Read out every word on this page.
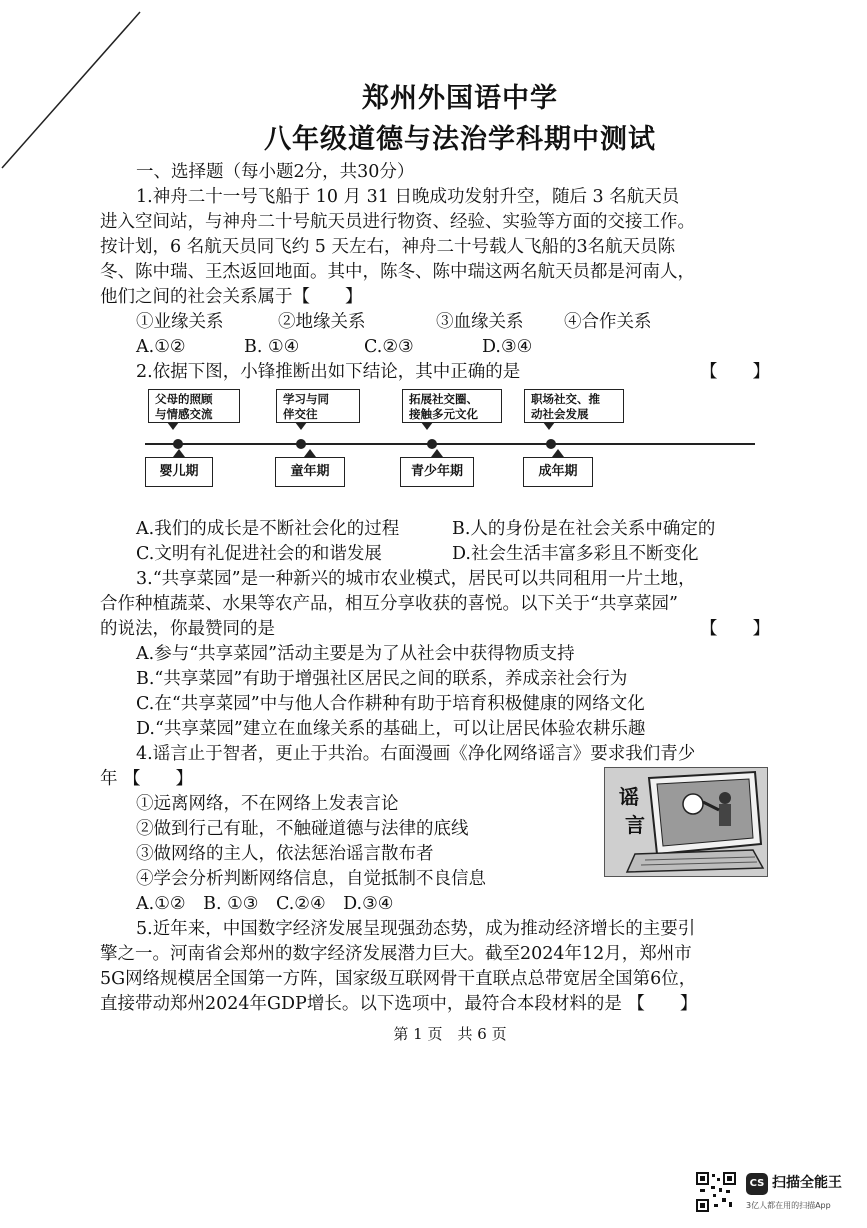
郑州外国语中学
八年级道德与法治学科期中测试
一、选择题（每小题2分，共30分）
1.神舟二十一号飞船于 10 月 31 日晚成功发射升空，随后 3 名航天员
进入空间站，与神舟二十号航天员进行物资、经验、实验等方面的交接工作。
按计划，6 名航天员同飞约 5 天左右，神舟二十号载人飞船的3名航天员陈
冬、陈中瑞、王杰返回地面。其中，陈冬、陈中瑞这两名航天员都是河南人，
他们之间的社会关系属于【　　】
①业缘关系	②地缘关系	③血缘关系 ④合作关系
A.①②	B. ①④	C.②③	D.③④
2.依据下图，小锋推断出如下结论，其中正确的是	【　　】
父母的照顾
与情感交流
学习与同
伴交往
拓展社交圈、
接触多元文化
职场社交、推
动社会发展
婴儿期	童年期	青少年期	成年期
A.我们的成长是不断社会化的过程	B.人的身份是在社会关系中确定的
C.文明有礼促进社会的和谐发展	D.社会生活丰富多彩且不断变化
3.“共享菜园”是一种新兴的城市农业模式，居民可以共同租用一片土地，
合作种植蔬菜、水果等农产品，相互分享收获的喜悦。以下关于“共享菜园”
的说法，你最赞同的是	【　　】
A.参与“共享菜园”活动主要是为了从社会中获得物质支持
B.“共享菜园”有助于增强社区居民之间的联系，养成亲社会行为
C.在“共享菜园”中与他人合作耕种有助于培育积极健康的网络文化
D.“共享菜园”建立在血缘关系的基础上，可以让居民体验农耕乐趣
4.谣言止于智者，更止于共治。右面漫画《净化网络谣言》要求我们青少
年 【　　】
①远离网络，不在网络上发表言论
②做到行己有耻，不触碰道德与法律的底线
③做网络的主人，依法惩治谣言散布者
④学会分析判断网络信息，自觉抵制不良信息
A.①②　B. ①③　C.②④　D.③④
5.近年来，中国数字经济发展呈现强劲态势，成为推动经济增长的主要引
擎之一。河南省会郑州的数字经济发展潜力巨大。截至2024年12月，郑州市
5G网络规模居全国第一方阵，国家级互联网骨干直联点总带宽居全国第6位，
直接带动郑州2024年GDP增长。以下选项中，最符合本段材料的是 【　　】
谣
言
第 1 页　共 6 页
CS 扫描全能王
3亿人都在用的扫描App
